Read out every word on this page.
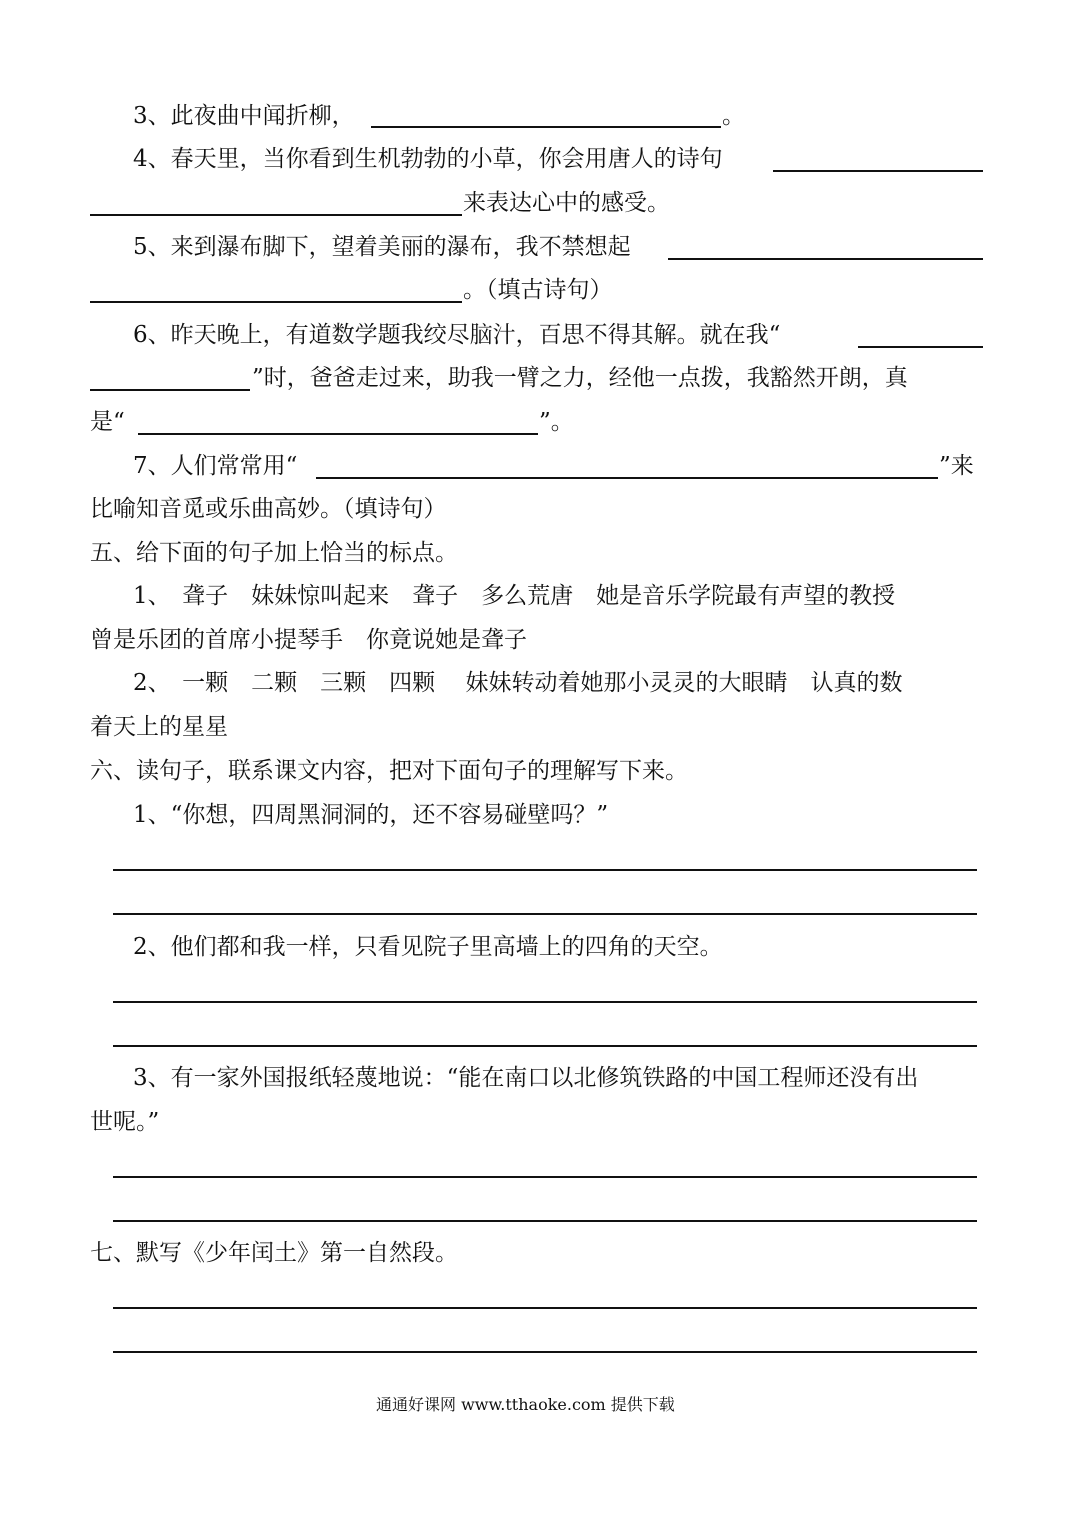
3、此夜曲中闻折柳，	。
4、春天里，当你看到生机勃勃的小草，你会用唐人的诗句
来表达心中的感受。
5、来到瀑布脚下，望着美丽的瀑布，我不禁想起
。（填古诗句）
6、昨天晚上，有道数学题我绞尽脑汁，百思不得其解。就在我“
”时，爸爸走过来，助我一臂之力，经他一点拨，我豁然开朗，真
是“	”。
7、人们常常用“	”来
比喻知音觅或乐曲高妙。（填诗句）
五、给下面的句子加上恰当的标点。
1、　聋子　妹妹惊叫起来　聋子　多么荒唐　她是音乐学院最有声望的教授
曾是乐团的首席小提琴手　你竟说她是聋子
2、　一颗　二颗　三颗　四颗　 妹妹转动着她那小灵灵的大眼睛　认真的数
着天上的星星
六、读句子，联系课文内容，把对下面句子的理解写下来。
1、“你想，四周黑洞洞的，还不容易碰壁吗？”
2、他们都和我一样，只看见院子里高墙上的四角的天空。
3、有一家外国报纸轻蔑地说：“能在南口以北修筑铁路的中国工程师还没有出
世呢。”
七、默写《少年闰土》第一自然段。
通通好课网 www.tthaoke.com 提供下载
